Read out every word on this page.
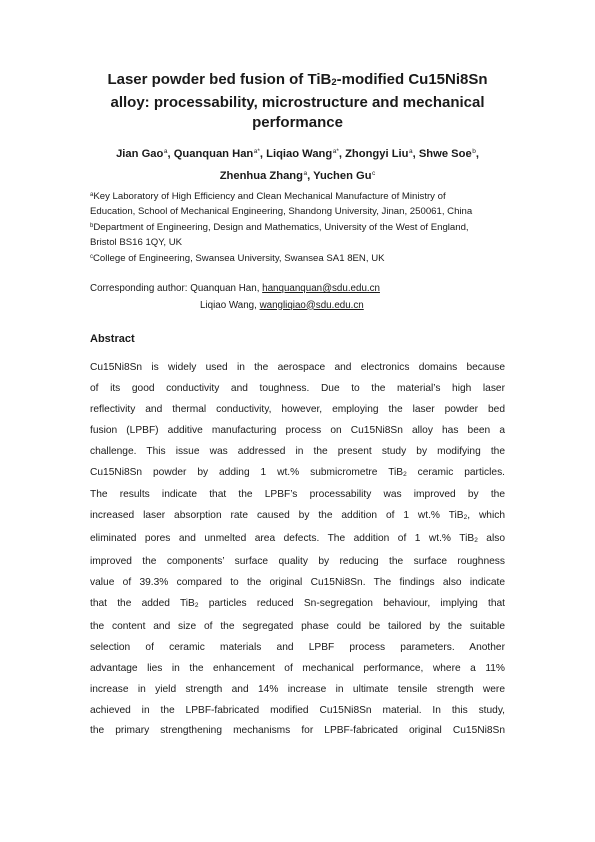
Laser powder bed fusion of TiB$_2$-modified Cu15Ni8Sn
alloy: processability, microstructure and mechanical
performance
Jian Gao$^a$, Quanquan Han$^{a*}$, Liqiao Wang$^{a*}$, Zhongyi Liu$^a$, Shwe Soe$^b$,
Zhenhua Zhang$^a$, Yuchen Gu$^c$
$^a$Key Laboratory of High Efficiency and Clean Mechanical Manufacture of Ministry of
Education, School of Mechanical Engineering, Shandong University, Jinan, 250061, China
$^b$Department of Engineering, Design and Mathematics, University of the West of England,
Bristol BS16 1QY, UK
$^c$College of Engineering, Swansea University, Swansea SA1 8EN, UK
Corresponding author: Quanquan Han, hanquanquan@sdu.edu.cn
Liqiao Wang, wangliqiao@sdu.edu.cn
Abstract
Cu15Ni8Sn is widely used in the aerospace and electronics domains because
of its good conductivity and toughness. Due to the material’s high laser
reflectivity and thermal conductivity, however, employing the laser powder bed
fusion (LPBF) additive manufacturing process on Cu15Ni8Sn alloy has been a
challenge. This issue was addressed in the present study by modifying the
Cu15Ni8Sn powder by adding 1 wt.% submicrometre TiB$_2$ ceramic particles.
The results indicate that the LPBF’s processability was improved by the
increased laser absorption rate caused by the addition of 1 wt.% TiB$_2$, which
eliminated pores and unmelted area defects. The addition of 1 wt.% TiB$_2$ also
improved the components’ surface quality by reducing the surface roughness
value of 39.3% compared to the original Cu15Ni8Sn. The findings also indicate
that the added TiB$_2$ particles reduced Sn-segregation behaviour, implying that
the content and size of the segregated phase could be tailored by the suitable
selection of ceramic materials and LPBF process parameters. Another
advantage lies in the enhancement of mechanical performance, where a 11%
increase in yield strength and 14% increase in ultimate tensile strength were
achieved in the LPBF-fabricated modified Cu15Ni8Sn material. In this study,
the primary strengthening mechanisms for LPBF-fabricated original Cu15Ni8Sn
